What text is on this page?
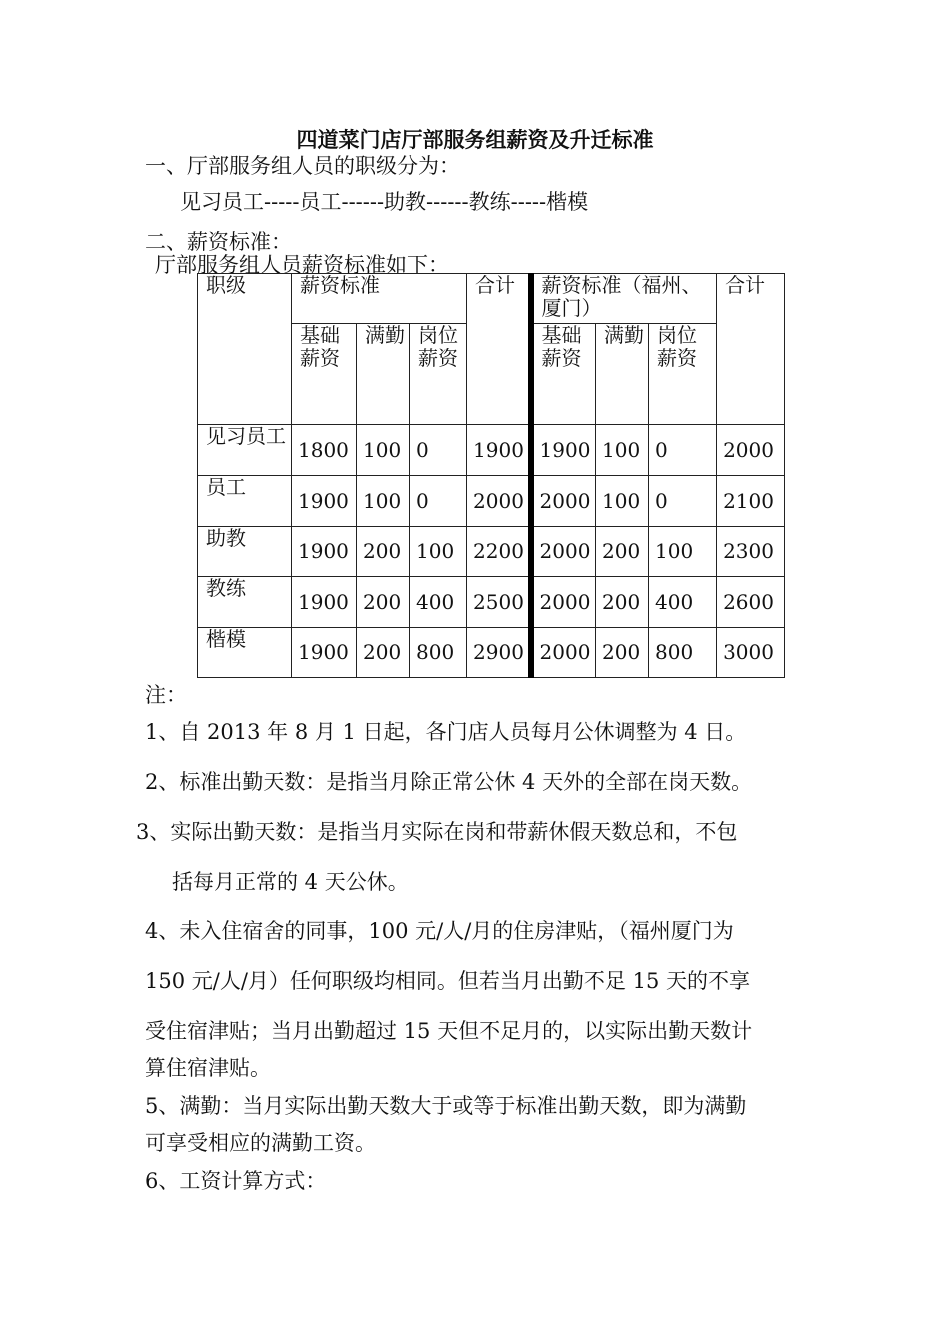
四道菜门店厅部服务组薪资及升迁标准
一、厅部服务组人员的职级分为：
见习员工-----员工------助教------教练-----楷模
二、薪资标准：
厅部服务组人员薪资标准如下：
职级	薪资标准			合计	薪资标准（福州、厦门）			合计
	基础薪资	满勤	岗位薪资		基础薪资	满勤	岗位薪资	
见习员工	1800	100	0	1900	1900	100	0	2000
员工	1900	100	0	2000	2000	100	0	2100
助教	1900	200	100	2200	2000	200	100	2300
教练	1900	200	400	2500	2000	200	400	2600
楷模	1900	200	800	2900	2000	200	800	3000
注：
1、自 2013 年 8 月 1 日起，各门店人员每月公休调整为 4 日。
2、标准出勤天数：是指当月除正常公休 4 天外的全部在岗天数。
3、实际出勤天数：是指当月实际在岗和带薪休假天数总和，不包
括每月正常的 4 天公休。
4、未入住宿舍的同事，100 元/人/月的住房津贴，（福州厦门为
150 元/人/月）任何职级均相同。但若当月出勤不足 15 天的不享
受住宿津贴；当月出勤超过 15 天但不足月的，以实际出勤天数计
算住宿津贴。
5、满勤：当月实际出勤天数大于或等于标准出勤天数，即为满勤
可享受相应的满勤工资。
6、工资计算方式：
